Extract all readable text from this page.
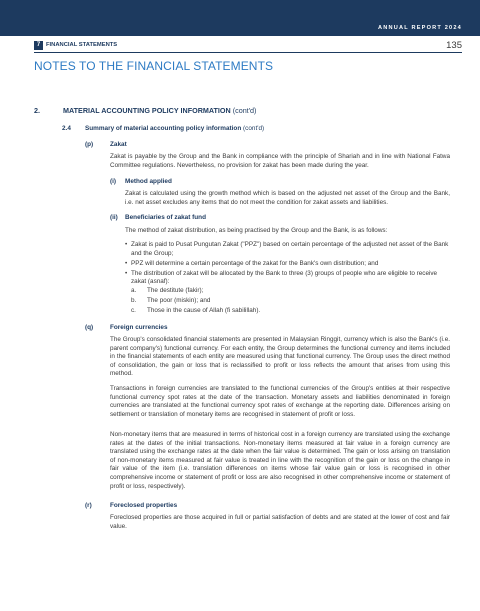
ANNUAL REPORT 2024
7	FINANCIAL STATEMENTS	135
NOTES TO THE FINANCIAL STATEMENTS
2.	MATERIAL ACCOUNTING POLICY INFORMATION (cont'd)
2.4 Summary of material accounting policy information (cont'd)
(p)	Zakat
Zakat is payable by the Group and the Bank in compliance with the principle of Shariah and in line with National Fatwa Committee regulations. Nevertheless, no provision for zakat has been made during the year.
(i) Method applied
Zakat is calculated using the growth method which is based on the adjusted net asset of the Group and the Bank, i.e. net asset excludes any items that do not meet the condition for zakat assets and liabilities.
(ii) Beneficiaries of zakat fund
The method of zakat distribution, as being practised by the Group and the Bank, is as follows:
• Zakat is paid to Pusat Pungutan Zakat ("PPZ") based on certain percentage of the adjusted net asset of the Bank and the Group;
• PPZ will determine a certain percentage of the zakat for the Bank's own distribution; and
• The distribution of zakat will be allocated by the Bank to three (3) groups of people who are eligible to receive zakat (asnaf):
a. The destitute (fakir);
b. The poor (miskin); and
c. Those in the cause of Allah (fi sabilillah).
(q)	Foreign currencies
The Group's consolidated financial statements are presented in Malaysian Ringgit, currency which is also the Bank's (i.e. parent company's) functional currency. For each entity, the Group determines the functional currency and items included in the financial statements of each entity are measured using that functional currency. The Group uses the direct method of consolidation, the gain or loss that is reclassified to profit or loss reflects the amount that arises from using this method.
Transactions in foreign currencies are translated to the functional currencies of the Group's entities at their respective functional currency spot rates at the date of the transaction. Monetary assets and liabilities denominated in foreign currencies are translated at the functional currency spot rates of exchange at the reporting date. Differences arising on settlement or translation of monetary items are recognised in statement of profit or loss.
Non-monetary items that are measured in terms of historical cost in a foreign currency are translated using the exchange rates at the dates of the initial transactions. Non-monetary items measured at fair value in a foreign currency are translated using the exchange rates at the date when the fair value is determined. The gain or loss arising on translation of non-monetary items measured at fair value is treated in line with the recognition of the gain or loss on the change in fair value of the item (i.e. translation differences on items whose fair value gain or loss is recognised in other comprehensive income or statement of profit or loss are also recognised in other comprehensive income or statement of profit or loss, respectively).
(r)	Foreclosed properties
Foreclosed properties are those acquired in full or partial satisfaction of debts and are stated at the lower of cost and fair value.
